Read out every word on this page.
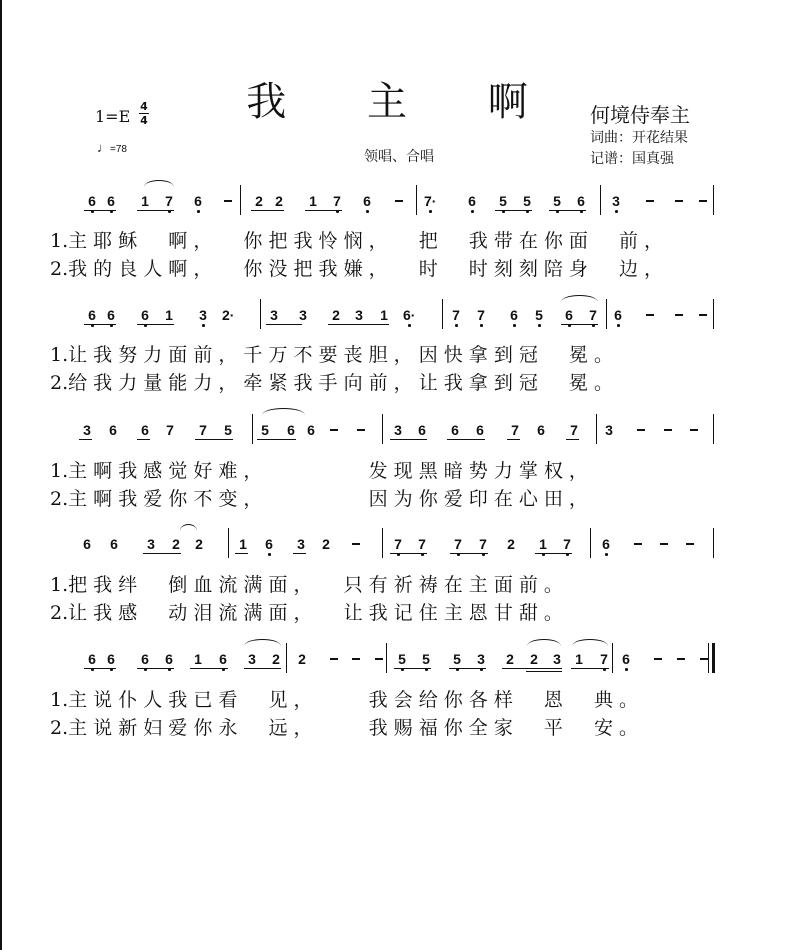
我 主 啊
1=E
4
4
♩=78	领唱、合唱
何境侍奉主
词曲：开花结果
记谱：国真强
6 6 1 7 6	2 2 1 7 6	7· 6 5 5 5 6 3
1.主 耶 稣 　 啊 ， 　 你 把 我 怜 悯 ， 　 把 　 我 带 在 你 面 　 前 ，
2.我 的 良 人 啊 ， 　 你 没 把 我 嫌 ， 　 时 　 时 刻 刻 陪 身 　 边 ，
6 6 6 1 3 2·	3 3 2 3 1 6·	7 7 6 5 6 7 6
1.让 我 努 力 面 前 ， 千 万 不 要 丧 胆 ， 因 快 拿 到 冠 　 冕 。
2.给 我 力 量 能 力 ， 牵 紧 我 手 向 前 ， 让 我 拿 到 冠 　 冕 。
3 6 6 7 7 5 5 6 6	3 6 6 6 7 6 7 3
1.主 啊 我 感 觉 好 难 ， 　 　 　 　 发 现 黑 暗 势 力 掌 权 ，
2.主 啊 我 爱 你 不 变 ， 　 　 　 　 因 为 你 爱 印 在 心 田 ，
6 6 3 2 2	1 6 3 2	7 7 7 7 2 1 7 6
1.把 我 绊 　 倒 血 流 满 面 ， 　 只 有 祈 祷 在 主 面 前 。
2.让 我 感 　 动 泪 流 满 面 ， 　 让 我 记 住 主 恩 甘 甜 。
6 6 6 6 1 6 3 2 2	5 5 5 3 2 2 3 1 7 6
1.主 说 仆 人 我 已 看 　 见 ， 　 　 我 会 给 你 各 样 　 恩 　 典 。
2.主 说 新 妇 爱 你 永 　 远 ， 　 　 我 赐 福 你 全 家 　 平 　 安 。
